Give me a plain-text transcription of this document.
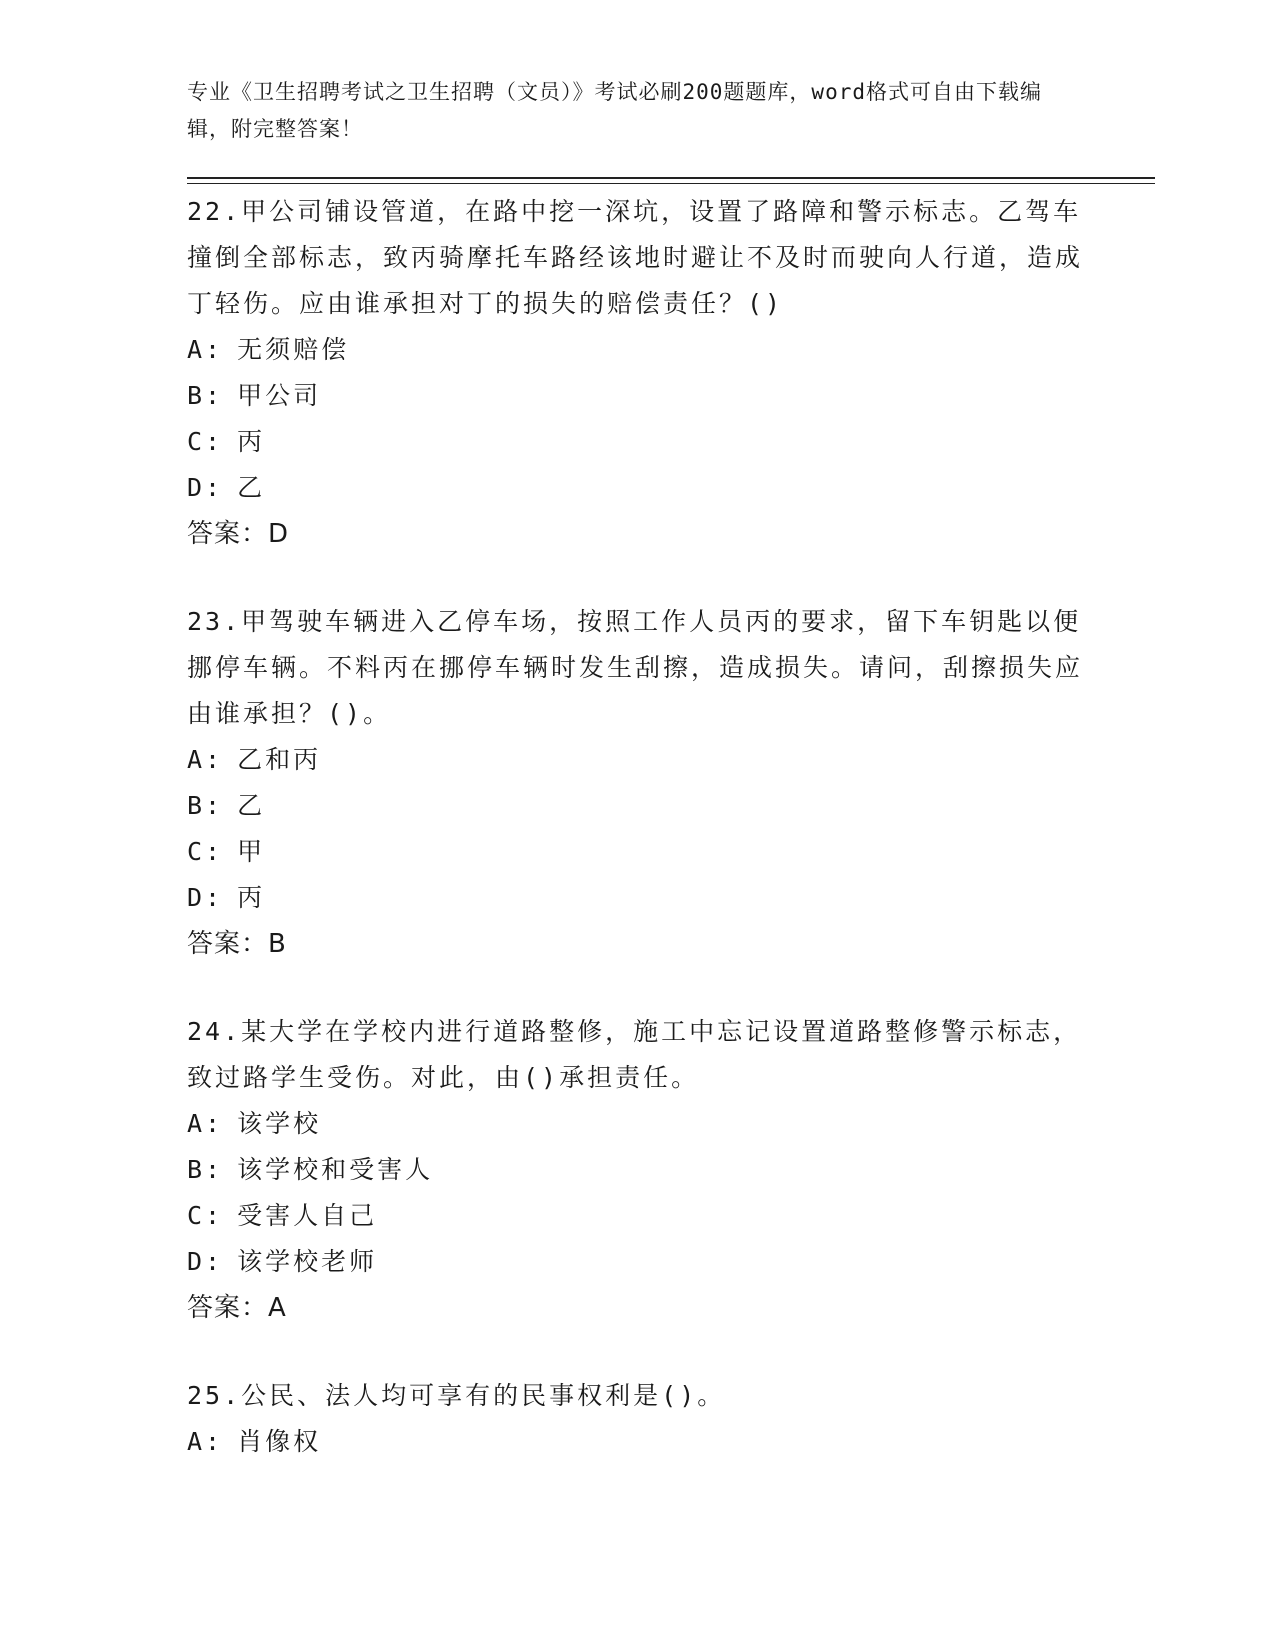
专业《卫生招聘考试之卫生招聘（文员）》考试必刷200题题库，word格式可自由下载编辑，附完整答案！

22.甲公司铺设管道，在路中挖一深坑，设置了路障和警示标志。乙驾车撞倒全部标志，致丙骑摩托车路经该地时避让不及时而驶向人行道，造成丁轻伤。应由谁承担对丁的损失的赔偿责任？()

A: 无须赔偿
B: 甲公司
C: 丙
D: 乙
答案：D

23.甲驾驶车辆进入乙停车场，按照工作人员丙的要求，留下车钥匙以便挪停车辆。不料丙在挪停车辆时发生刮擦，造成损失。请问，刮擦损失应由谁承担？()。

A: 乙和丙
B: 乙
C: 甲
D: 丙
答案：B

24.某大学在学校内进行道路整修，施工中忘记设置道路整修警示标志，致过路学生受伤。对此，由()承担责任。

A: 该学校
B: 该学校和受害人
C: 受害人自己
D: 该学校老师
答案：A

25.公民、法人均可享有的民事权利是()。

A: 肖像权
